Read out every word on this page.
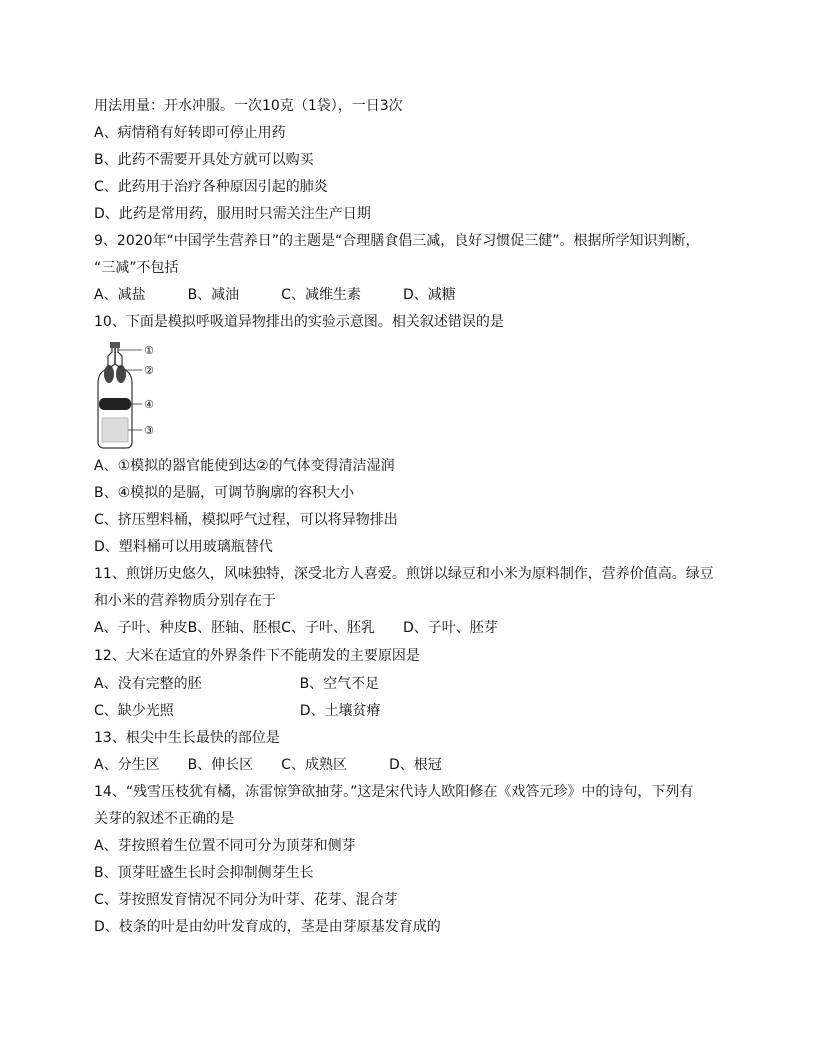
用法用量：开水冲服。一次10克（1袋），一日3次
A、病情稍有好转即可停止用药
B、此药不需要开具处方就可以购买
C、此药用于治疗各种原因引起的肺炎
D、此药是常用药，服用时只需关注生产日期
9、2020年“中国学生营养日”的主题是“合理膳食倡三减，良好习惯促三健”。根据所学知识判断，
“三减”不包括
A、减盐　　　B、减油　　　C、减维生素　　　D、减糖
10、下面是模拟呼吸道异物排出的实验示意图。相关叙述错误的是
①
②
④
③
A、①模拟的器官能使到达②的气体变得清洁湿润
B、④模拟的是膈，可调节胸廓的容积大小
C、挤压塑料桶，模拟呼气过程，可以将异物排出
D、塑料桶可以用玻璃瓶替代
11、煎饼历史悠久，风味独特，深受北方人喜爱。煎饼以绿豆和小米为原料制作，营养价值高。绿豆
和小米的营养物质分别存在于
A、子叶、种皮B、胚轴、胚根C、子叶、胚乳　　D、子叶、胚芽
12、大米在适宜的外界条件下不能萌发的主要原因是
A、没有完整的胚　　　　　　　B、空气不足
C、缺少光照　　　　　　　　　D、土壤贫瘠
13、根尖中生长最快的部位是
A、分生区　　B、伸长区　　C、成熟区　　　D、根冠
14、“残雪压枝犹有橘，冻雷惊笋欲抽芽。”这是宋代诗人欧阳修在《戏答元珍》中的诗句，下列有
关芽的叙述不正确的是
A、芽按照着生位置不同可分为顶芽和侧芽
B、顶芽旺盛生长时会抑制侧芽生长
C、芽按照发育情况不同分为叶芽、花芽、混合芽
D、枝条的叶是由幼叶发育成的，茎是由芽原基发育成的
